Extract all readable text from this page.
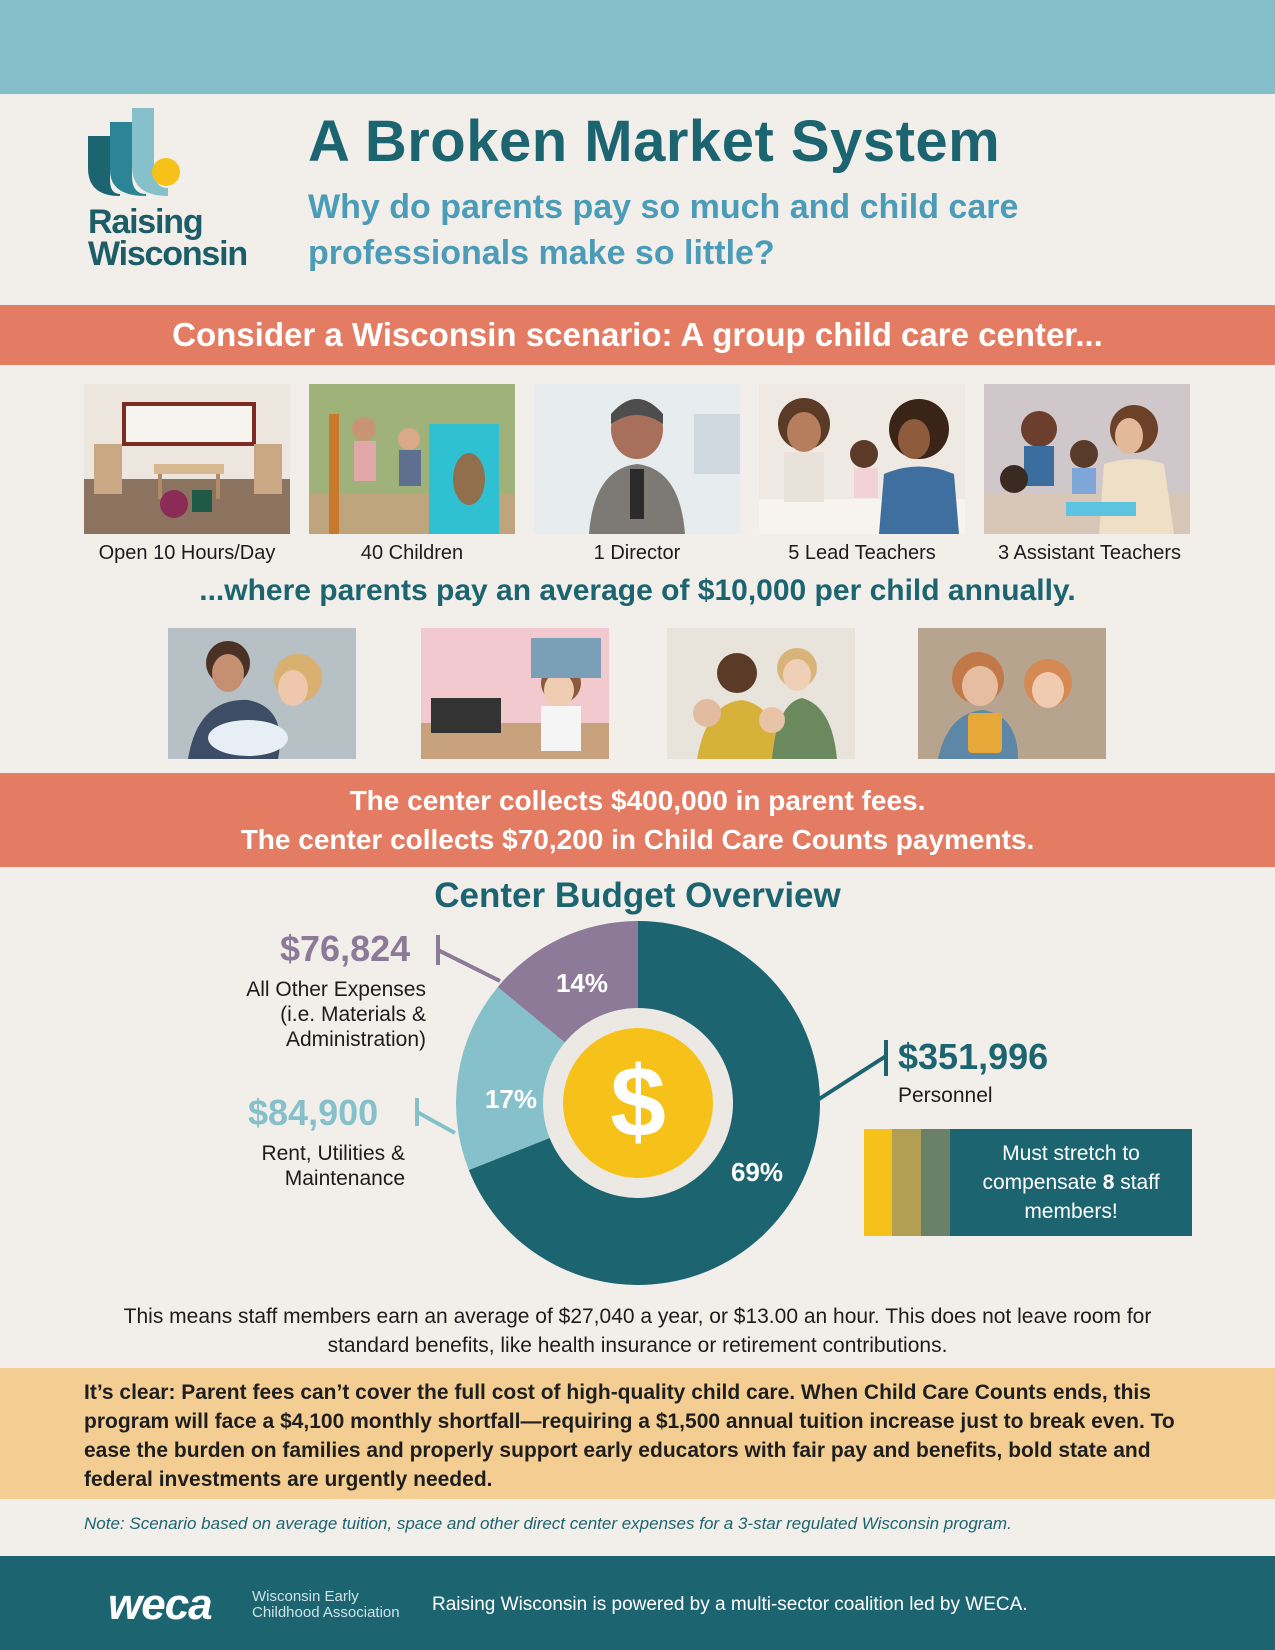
Raising
Wisconsin
A Broken Market System
Why do parents pay so much and child care professionals make so little?
Consider a Wisconsin scenario: A group child care center...
Open 10 Hours/Day	40 Children	1 Director	5 Lead Teachers	3 Assistant Teachers
...where parents pay an average of $10,000 per child annually.
The center collects $400,000 in parent fees.
The center collects $70,200 in Child Care Counts payments.
Center Budget Overview
$
14%
17%
69%
$76,824
All Other Expenses (i.e. Materials & Administration)
$84,900
Rent, Utilities & Maintenance
$351,996
Personnel
Must stretch to compensate 8 staff members!
This means staff members earn an average of $27,040 a year, or $13.00 an hour. This does not leave room for standard benefits, like health insurance or retirement contributions.
It’s clear: Parent fees can’t cover the full cost of high-quality child care. When Child Care Counts ends, this program will face a $4,100 monthly shortfall—requiring a $1,500 annual tuition increase just to break even. To ease the burden on families and properly support early educators with fair pay and benefits, bold state and federal investments are urgently needed.
Note: Scenario based on average tuition, space and other direct center expenses for a 3-star regulated Wisconsin program.
weca	Wisconsin Early
Childhood Association Raising Wisconsin is powered by a multi-sector coalition led by WECA.
